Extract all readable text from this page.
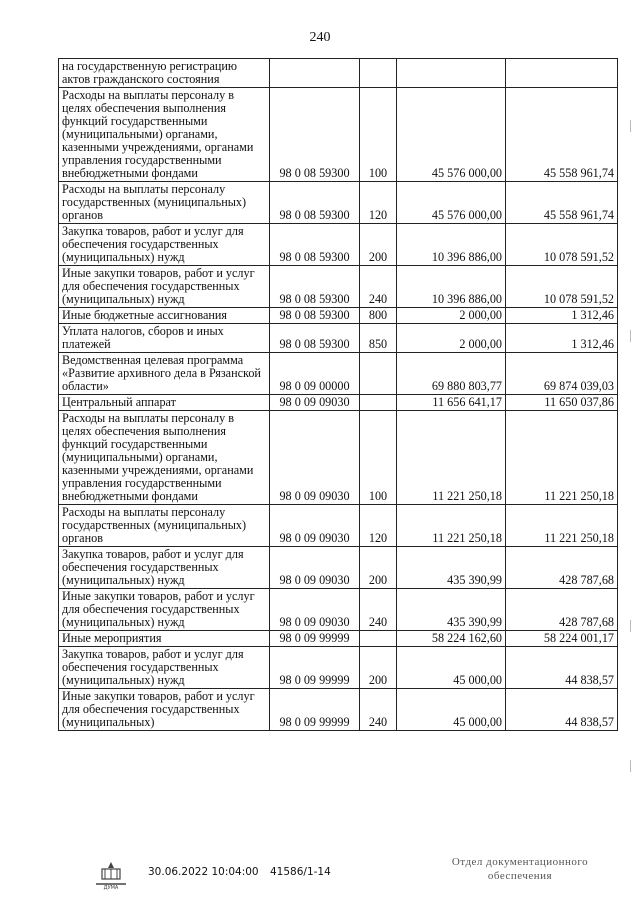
240
на государственную регистрацию актов гражданского состояния				
Расходы на выплаты персоналу в целях обеспечения выполнения функций государственными (муниципальными) органами, казенными учреждениями, органами управления государственными внебюджетными фондами	98 0 08 59300	100	45 576 000,00	45 558 961,74
Расходы на выплаты персоналу государственных (муниципальных) органов	98 0 08 59300	120	45 576 000,00	45 558 961,74
Закупка товаров, работ и услуг для обеспечения государственных (муниципальных) нужд	98 0 08 59300	200	10 396 886,00	10 078 591,52
Иные закупки товаров, работ и услуг для обеспечения государственных (муниципальных) нужд	98 0 08 59300	240	10 396 886,00	10 078 591,52
Иные бюджетные ассигнования	98 0 08 59300	800	2 000,00	1 312,46
Уплата налогов, сборов и иных платежей	98 0 08 59300	850	2 000,00	1 312,46
Ведомственная целевая программа «Развитие архивного дела в Рязанской области»	98 0 09 00000		69 880 803,77	69 874 039,03
Центральный аппарат	98 0 09 09030		11 656 641,17	11 650 037,86
Расходы на выплаты персоналу в целях обеспечения выполнения функций государственными (муниципальными) органами, казенными учреждениями, органами управления государственными внебюджетными фондами	98 0 09 09030	100	11 221 250,18	11 221 250,18
Расходы на выплаты персоналу государственных (муниципальных) органов	98 0 09 09030	120	11 221 250,18	11 221 250,18
Закупка товаров, работ и услуг для обеспечения государственных (муниципальных) нужд	98 0 09 09030	200	435 390,99	428 787,68
Иные закупки товаров, работ и услуг для обеспечения государственных (муниципальных) нужд	98 0 09 09030	240	435 390,99	428 787,68
Иные мероприятия	98 0 09 99999		58 224 162,60	58 224 001,17
Закупка товаров, работ и услуг для обеспечения государственных (муниципальных) нужд	98 0 09 99999	200	45 000,00	44 838,57
Иные закупки товаров, работ и услуг для обеспечения государственных (муниципальных)	98 0 09 99999	240	45 000,00	44 838,57
ДУМА
30.06.2022 10:04:00 41586/1-14
Отдел документационного
обеспечения
